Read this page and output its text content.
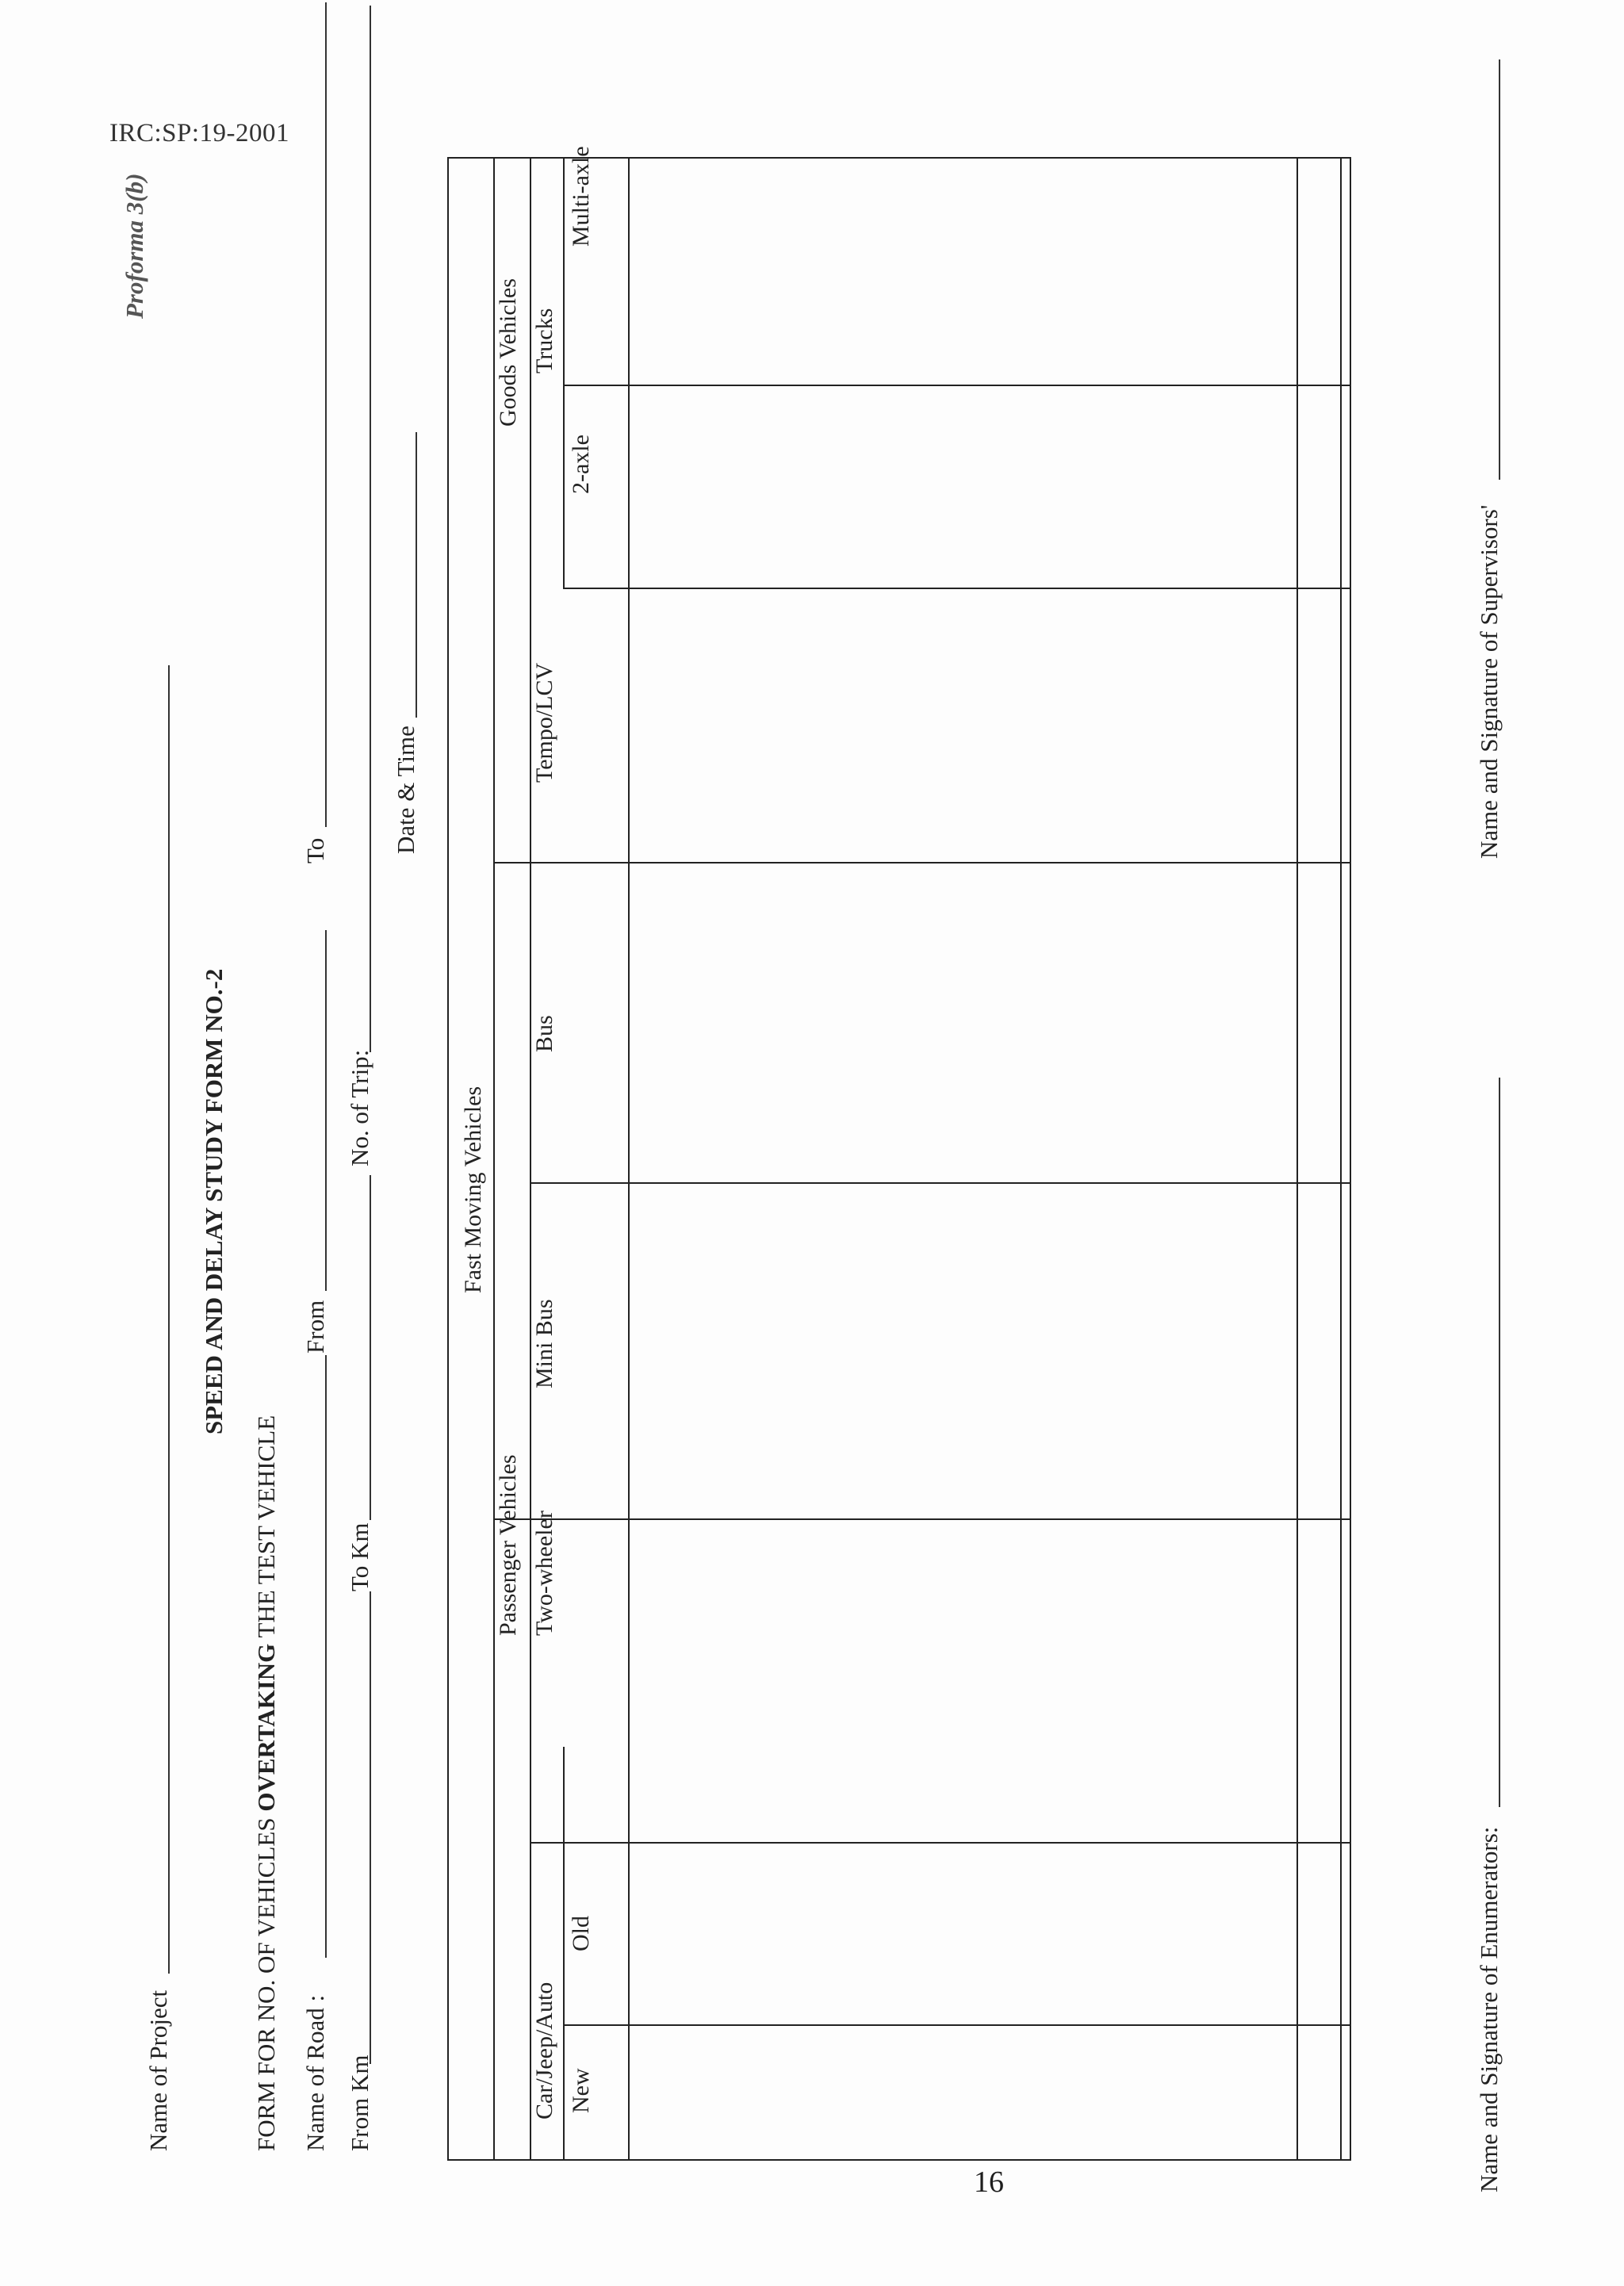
IRC:SP:19-2001
Proforma 3(b)
16
Name of Project
SPEED AND DELAY STUDY FORM NO.-2
FORM FOR NO. OF VEHICLES OVERTAKING THE TEST VEHICLE
Name of Road :
From
To
From Km
To Km
No. of Trip:
Date & Time
Fast Moving Vehicles
Passenger Vehicles
Goods Vehicles
Car/Jeep/Auto New
Old
Two-wheeler
Mini Bus
Bus
Tempo/LCV
Trucks
2-axle
Multi-axle
Name and Signature of Enumerators:
Name and Signature of Supervisors'
